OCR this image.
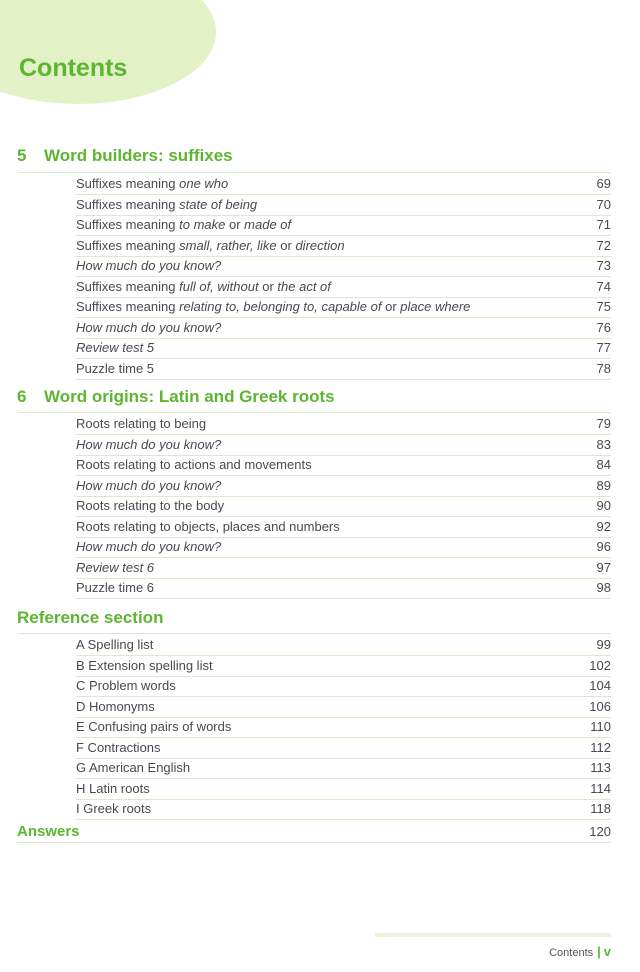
Contents
5 Word builders: suffixes
Suffixes meaning one who	69
Suffixes meaning state of being	70
Suffixes meaning to make or made of	71
Suffixes meaning small, rather, like or direction	72
How much do you know?	73
Suffixes meaning full of, without or the act of	74
Suffixes meaning relating to, belonging to, capable of or place where	75
How much do you know?	76
Review test 5	77
Puzzle time 5	78
6 Word origins: Latin and Greek roots
Roots relating to being	79
How much do you know?	83
Roots relating to actions and movements	84
How much do you know?	89
Roots relating to the body	90
Roots relating to objects, places and numbers	92
How much do you know?	96
Review test 6	97
Puzzle time 6	98
Reference section
A Spelling list	99
B Extension spelling list	102
C Problem words	104
D Homonyms	106
E Confusing pairs of words	110
F Contractions	112
G American English	113
H Latin roots	114
I Greek roots	118
Answers	120
Contents | v
